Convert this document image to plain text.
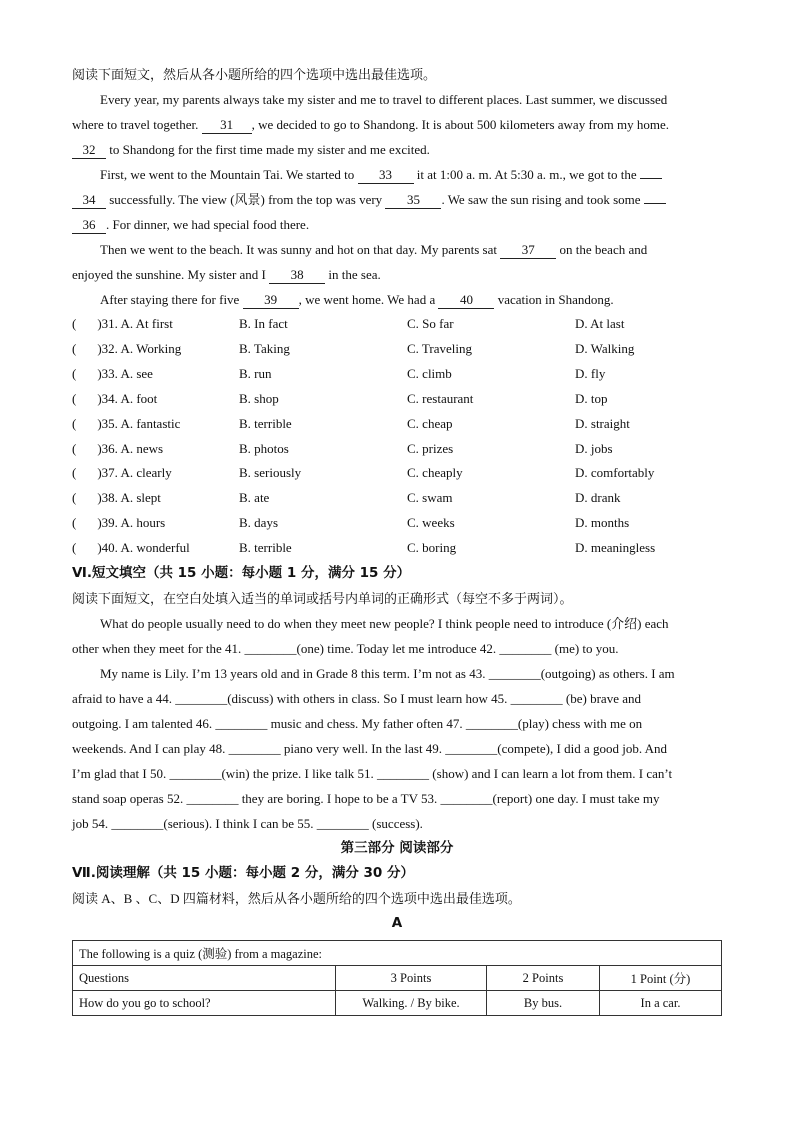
阅读下面短文，然后从各小题所给的四个选项中选出最佳选项。
Every year, my parents always take my sister and me to travel to different places. Last summer, we discussed
where to travel together. 31 , we decided to go to Shandong. It is about 500 kilometers away from my home.
32 to Shandong for the first time made my sister and me excited.
First, we went to the Mountain Tai. We started to 33 it at 1:00 a. m. At 5:30 a. m., we got to the
34 successfully. The view (风景) from the top was very 35 . We saw the sun rising and took some
36 . For dinner, we had special food there.
Then we went to the beach. It was sunny and hot on that day. My parents sat 37 on the beach and
enjoyed the sunshine. My sister and I 38 in the sea.
After staying there for five 39 , we went home. We had a 40 vacation in Shandong.
( )31. A. At first	B. In fact	C. So far	D. At last
( )32. A. Working	B. Taking	C. Traveling	D. Walking
( )33. A. see	B. run	C. climb	D. fly
( )34. A. foot	B. shop	C. restaurant	D. top
( )35. A. fantastic	B. terrible	C. cheap	D. straight
( )36. A. news	B. photos	C. prizes	D. jobs
( )37. A. clearly	B. seriously	C. cheaply	D. comfortably
( )38. A. slept	B. ate	C. swam	D. drank
( )39. A. hours	B. days	C. weeks	D. months
( )40. A. wonderful	B. terrible	C. boring	D. meaningless
Ⅵ.短文填空（共 15 小题：每小题 1 分，满分 15 分）
阅读下面短文，在空白处填入适当的单词或括号内单词的正确形式（每空不多于两词）。
What do people usually need to do when they meet new people? I think people need to introduce (介绍) each
other when they meet for the 41. ________(one) time. Today let me introduce 42. ________ (me) to you.
My name is Lily. I’m 13 years old and in Grade 8 this term. I’m not as 43. ________(outgoing) as others. I am
afraid to have a 44. ________(discuss) with others in class. So I must learn how 45. ________ (be) brave and
outgoing. I am talented 46. ________ music and chess. My father often 47. ________(play) chess with me on
weekends. And I can play 48. ________ piano very well. In the last 49. ________(compete), I did a good job. And
I’m glad that I 50. ________(win) the prize. I like talk 51. ________ (show) and I can learn a lot from them. I can’t
stand soap operas 52. ________ they are boring. I hope to be a TV 53. ________(report) one day. I must take my
job 54. ________(serious). I think I can be 55. ________ (success).
第三部分 阅读部分
Ⅶ.阅读理解（共 15 小题：每小题 2 分，满分 30 分）
阅读 A、B 、C、D 四篇材料，然后从各小题所给的四个选项中选出最佳选项。
A
The following is a quiz (测验) from a magazine:			
Questions	3 Points	2 Points	1 Point (分)
How do you go to school?	Walking. / By bike.	By bus.	In a car.
